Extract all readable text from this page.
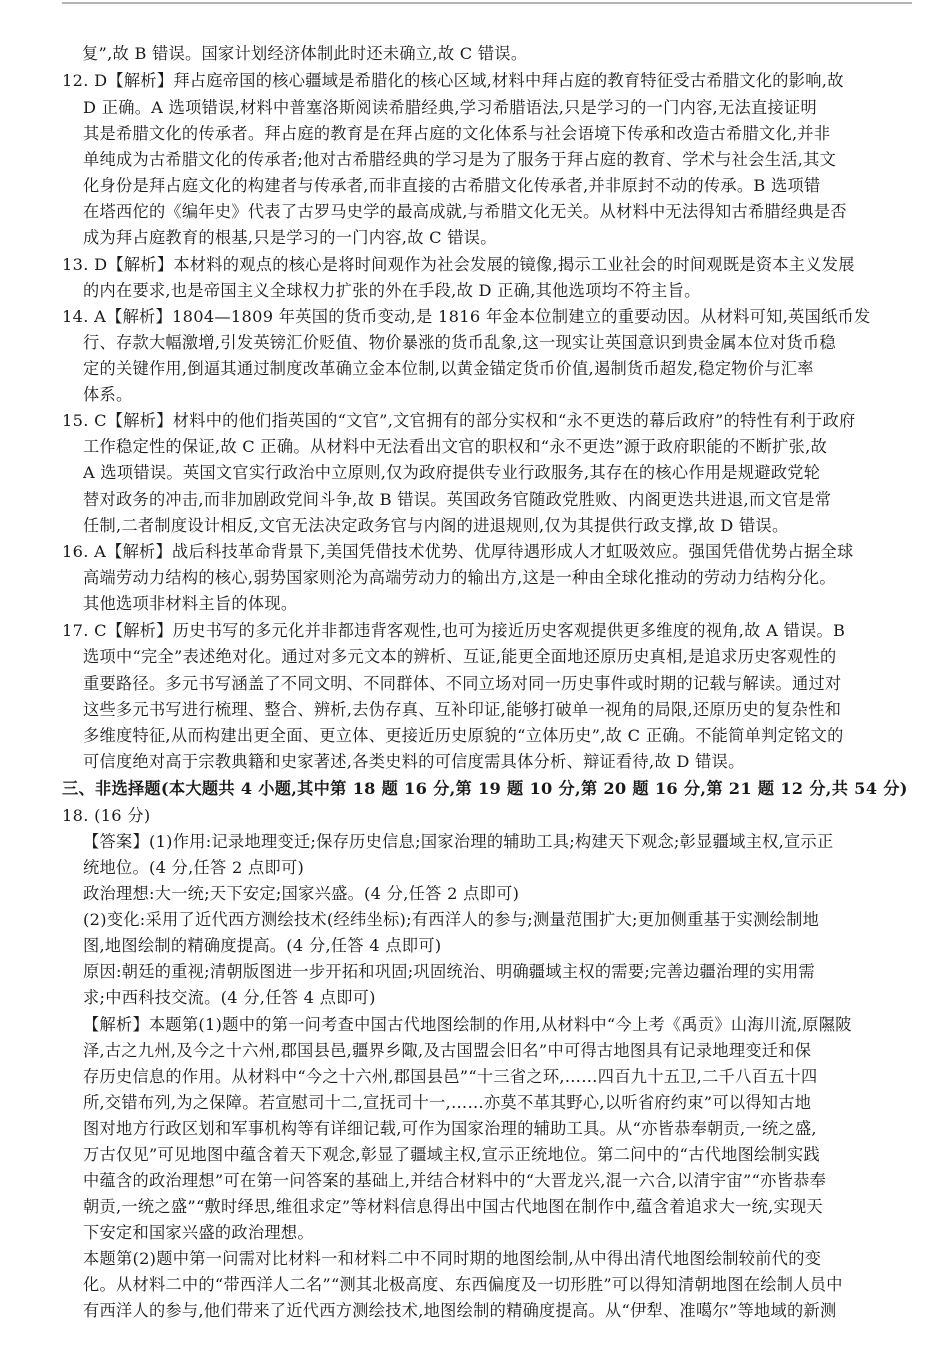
复”,故 B 错误。国家计划经济体制此时还未确立,故 C 错误。
12. D【解析】拜占庭帝国的核心疆域是希腊化的核心区域,材料中拜占庭的教育特征受古希腊文化的影响,故
D 正确。A 选项错误,材料中普塞洛斯阅读希腊经典,学习希腊语法,只是学习的一门内容,无法直接证明
其是希腊文化的传承者。拜占庭的教育是在拜占庭的文化体系与社会语境下传承和改造古希腊文化,并非
单纯成为古希腊文化的传承者;他对古希腊经典的学习是为了服务于拜占庭的教育、学术与社会生活,其文
化身份是拜占庭文化的构建者与传承者,而非直接的古希腊文化传承者,并非原封不动的传承。B 选项错
在塔西佗的《编年史》代表了古罗马史学的最高成就,与希腊文化无关。从材料中无法得知古希腊经典是否
成为拜占庭教育的根基,只是学习的一门内容,故 C 错误。
13. D【解析】本材料的观点的核心是将时间观作为社会发展的镜像,揭示工业社会的时间观既是资本主义发展
的内在要求,也是帝国主义全球权力扩张的外在手段,故 D 正确,其他选项均不符主旨。
14. A【解析】1804—1809 年英国的货币变动,是 1816 年金本位制建立的重要动因。从材料可知,英国纸币发
行、存款大幅激增,引发英镑汇价贬值、物价暴涨的货币乱象,这一现实让英国意识到贵金属本位对货币稳
定的关键作用,倒逼其通过制度改革确立金本位制,以黄金锚定货币价值,遏制货币超发,稳定物价与汇率
体系。
15. C【解析】材料中的他们指英国的“文官”,文官拥有的部分实权和“永不更迭的幕后政府”的特性有利于政府
工作稳定性的保证,故 C 正确。从材料中无法看出文官的职权和“永不更迭”源于政府职能的不断扩张,故
A 选项错误。英国文官实行政治中立原则,仅为政府提供专业行政服务,其存在的核心作用是规避政党轮
替对政务的冲击,而非加剧政党间斗争,故 B 错误。英国政务官随政党胜败、内阁更迭共进退,而文官是常
任制,二者制度设计相反,文官无法决定政务官与内阁的进退规则,仅为其提供行政支撑,故 D 错误。
16. A【解析】战后科技革命背景下,美国凭借技术优势、优厚待遇形成人才虹吸效应。强国凭借优势占据全球
高端劳动力结构的核心,弱势国家则沦为高端劳动力的输出方,这是一种由全球化推动的劳动力结构分化。
其他选项非材料主旨的体现。
17. C【解析】历史书写的多元化并非都违背客观性,也可为接近历史客观提供更多维度的视角,故 A 错误。B
选项中“完全”表述绝对化。通过对多元文本的辨析、互证,能更全面地还原历史真相,是追求历史客观性的
重要路径。多元书写涵盖了不同文明、不同群体、不同立场对同一历史事件或时期的记载与解读。通过对
这些多元书写进行梳理、整合、辨析,去伪存真、互补印证,能够打破单一视角的局限,还原历史的复杂性和
多维度特征,从而构建出更全面、更立体、更接近历史原貌的“立体历史”,故 C 正确。不能简单判定铭文的
可信度绝对高于宗教典籍和史家著述,各类史料的可信度需具体分析、辩证看待,故 D 错误。
三、非选择题(本大题共 4 小题,其中第 18 题 16 分,第 19 题 10 分,第 20 题 16 分,第 21 题 12 分,共 54 分)
18. (16 分)
【答案】(1)作用:记录地理变迁;保存历史信息;国家治理的辅助工具;构建天下观念;彰显疆域主权,宣示正
统地位。(4 分,任答 2 点即可)
政治理想:大一统;天下安定;国家兴盛。(4 分,任答 2 点即可)
(2)变化:采用了近代西方测绘技术(经纬坐标);有西洋人的参与;测量范围扩大;更加侧重基于实测绘制地
图,地图绘制的精确度提高。(4 分,任答 4 点即可)
原因:朝廷的重视;清朝版图进一步开拓和巩固;巩固统治、明确疆域主权的需要;完善边疆治理的实用需
求;中西科技交流。(4 分,任答 4 点即可)
【解析】本题第(1)题中的第一问考查中国古代地图绘制的作用,从材料中“今上考《禹贡》山海川流,原隰陂
泽,古之九州,及今之十六州,郡国县邑,疆界乡陬,及古国盟会旧名”中可得古地图具有记录地理变迁和保
存历史信息的作用。从材料中“今之十六州,郡国县邑”“十三省之环,……四百九十五卫,二千八百五十四
所,交错布列,为之保障。若宣慰司十二,宣抚司十一,……亦莫不革其野心,以听省府约束”可以得知古地
图对地方行政区划和军事机构等有详细记载,可作为国家治理的辅助工具。从“亦皆恭奉朝贡,一统之盛,
万古仅见”可见地图中蕴含着天下观念,彰显了疆域主权,宣示正统地位。第二问中的“古代地图绘制实践
中蕴含的政治理想”可在第一问答案的基础上,并结合材料中的“大晋龙兴,混一六合,以清宇宙”“亦皆恭奉
朝贡,一统之盛”“敷时绎思,维徂求定”等材料信息得出中国古代地图在制作中,蕴含着追求大一统,实现天
下安定和国家兴盛的政治理想。
本题第(2)题中第一问需对比材料一和材料二中不同时期的地图绘制,从中得出清代地图绘制较前代的变
化。从材料二中的“带西洋人二名”“测其北极高度、东西偏度及一切形胜”可以得知清朝地图在绘制人员中
有西洋人的参与,他们带来了近代西方测绘技术,地图绘制的精确度提高。从“伊犁、准噶尔”等地域的新测
